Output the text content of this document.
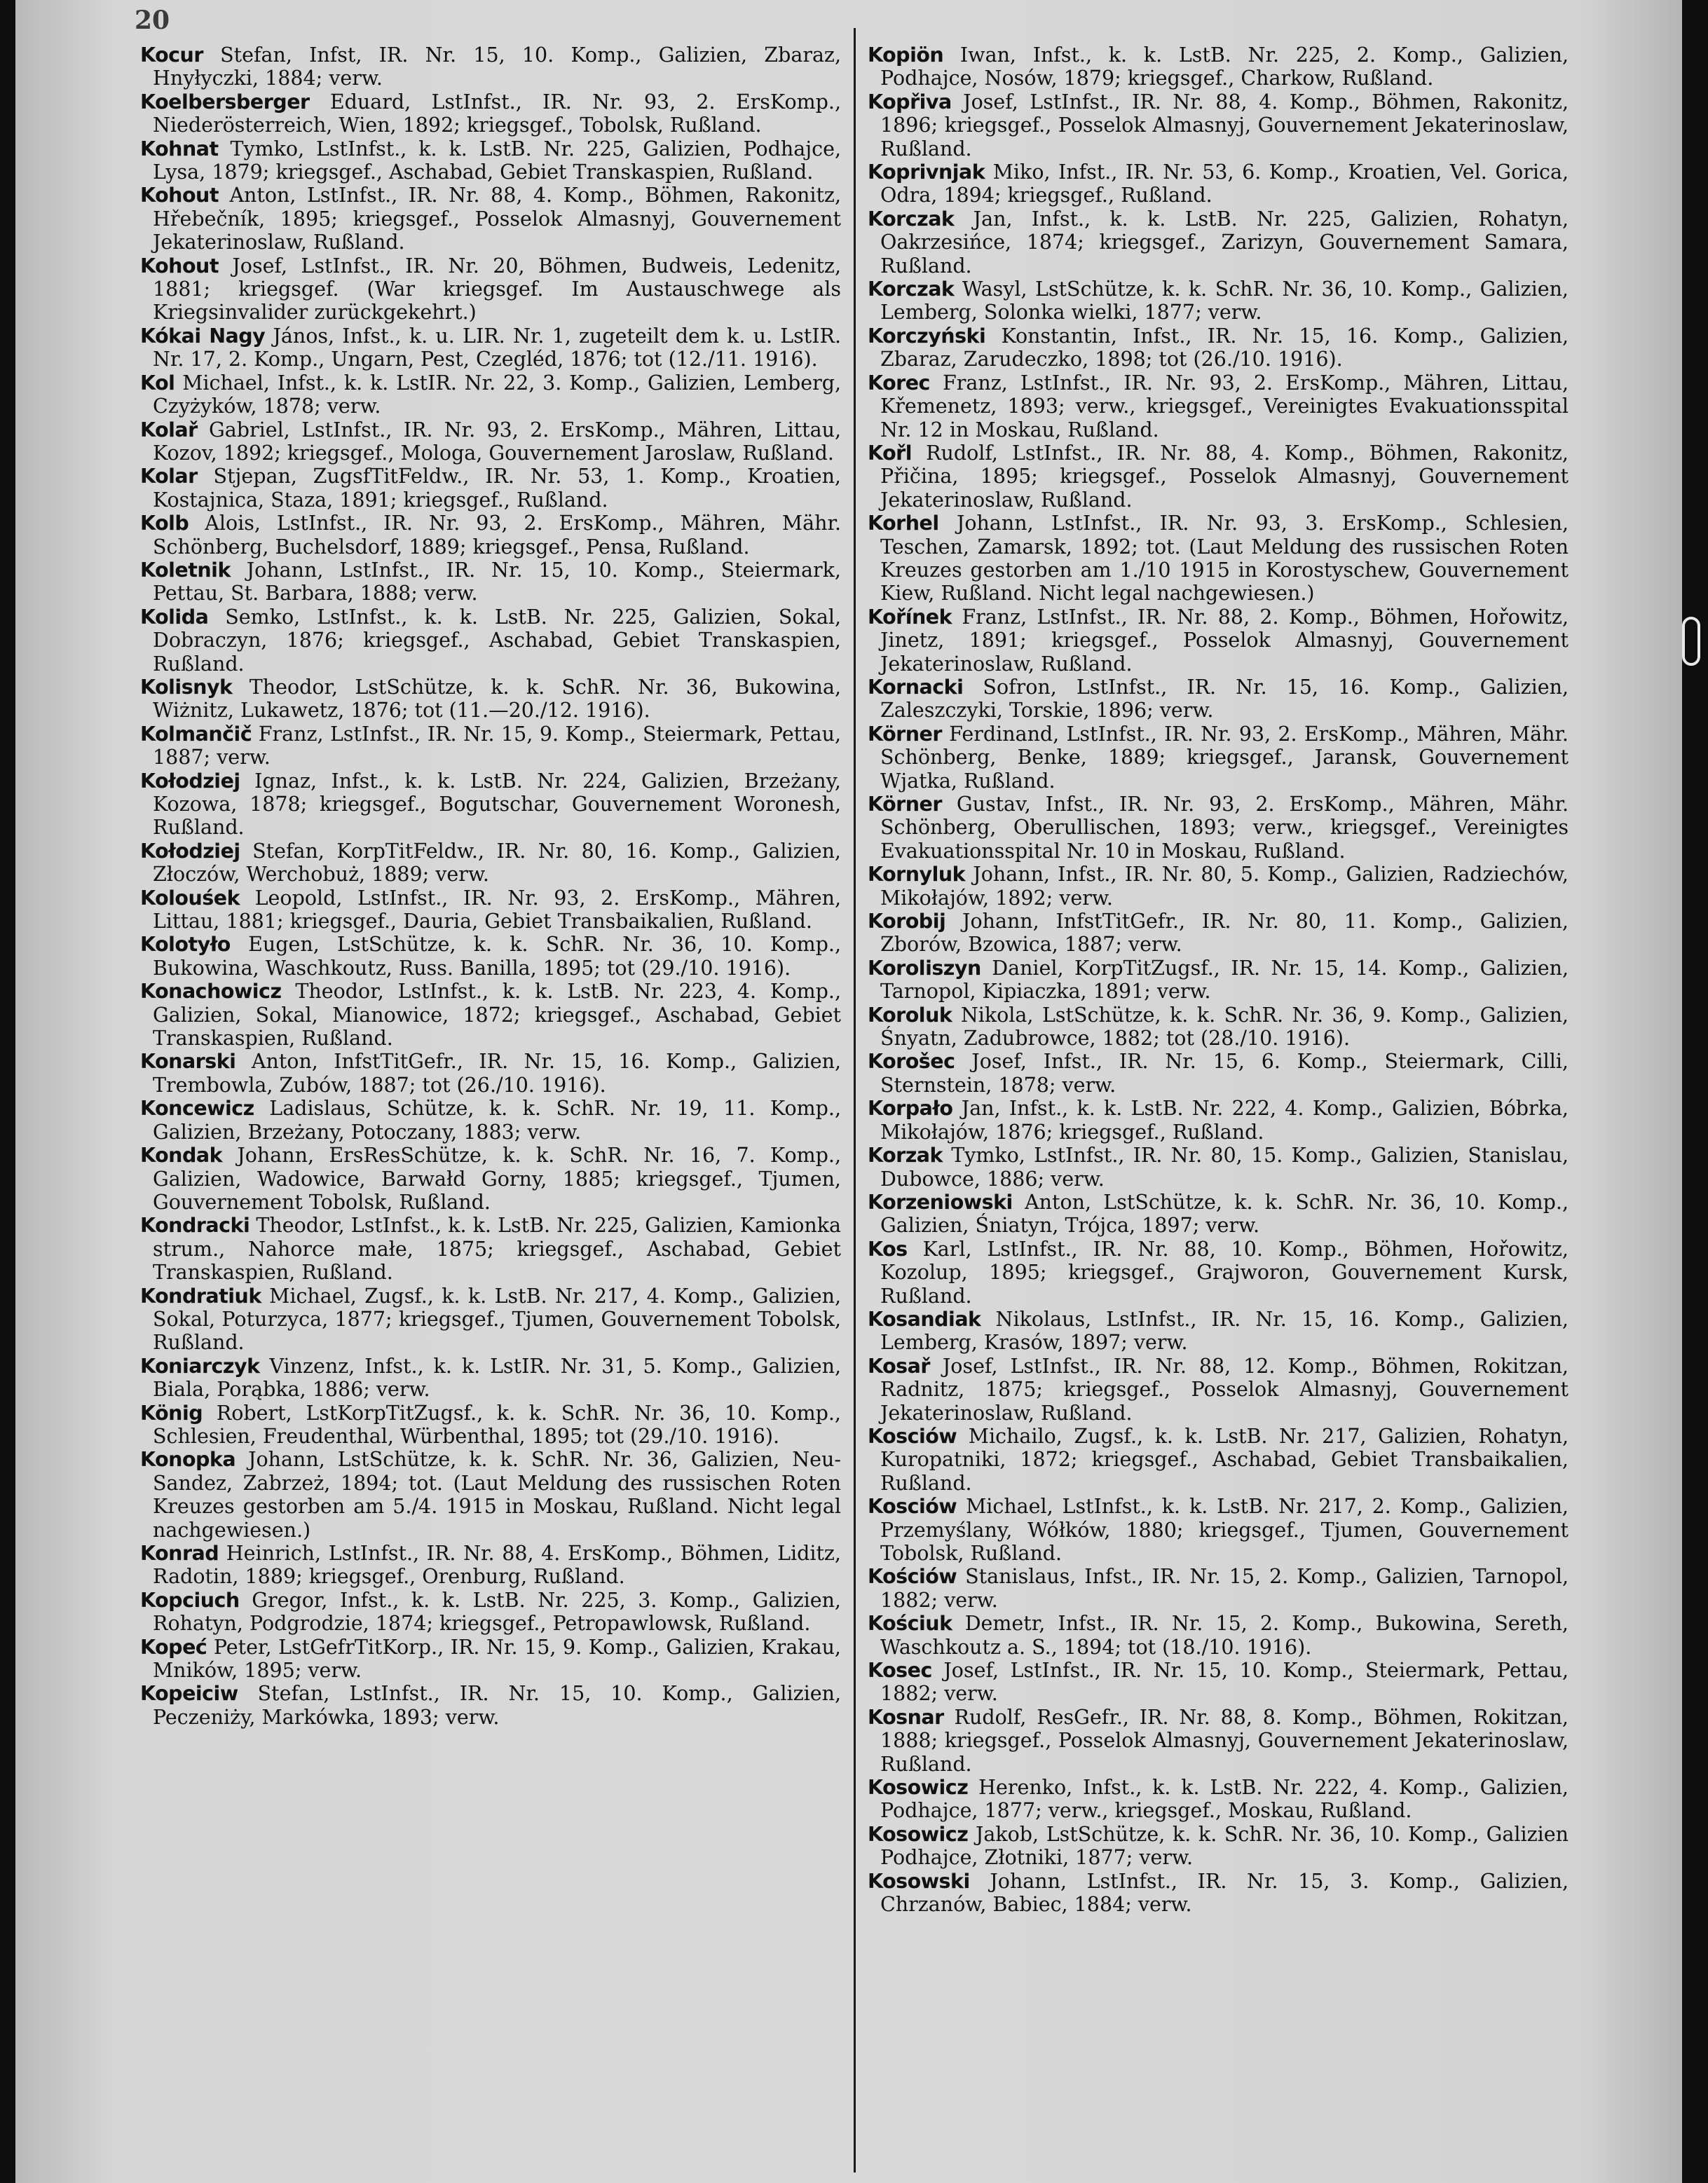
20

Kocur Stefan, Infst, IR. Nr. 15, 10. Komp., Galizien, Zbaraz, Hnyłyczki, 1884; verw.

Koelbersberger Eduard, LstInfst., IR. Nr. 93, 2. ErsKomp., Niederösterreich, Wien, 1892; kriegsgef., Tobolsk, Rußland.

Kohnat Tymko, LstInfst., k. k. LstB. Nr. 225, Galizien, Podhajce, Lysa, 1879; kriegsgef., Aschabad, Gebiet Transkaspien, Rußland.

Kohout Anton, LstInfst., IR. Nr. 88, 4. Komp., Böhmen, Rakonitz, Hřebečník, 1895; kriegsgef., Posselok Almasnyj, Gouvernement Jekaterinoslaw, Rußland.

Kohout Josef, LstInfst., IR. Nr. 20, Böhmen, Budweis, Ledenitz, 1881; kriegsgef. (War kriegsgef. Im Austauschwege als Kriegsinvalider zurückgekehrt.)

Kókai Nagy János, Infst., k. u. LIR. Nr. 1, zugeteilt dem k. u. LstIR. Nr. 17, 2. Komp., Ungarn, Pest, Czegléd, 1876; tot (12./11. 1916).

Kol Michael, Infst., k. k. LstIR. Nr. 22, 3. Komp., Galizien, Lemberg, Czyżyków, 1878; verw.

Kolař Gabriel, LstInfst., IR. Nr. 93, 2. ErsKomp., Mähren, Littau, Kozov, 1892; kriegsgef., Mologa, Gouvernement Jaroslaw, Rußland.

Kolar Stjepan, ZugsfTitFeldw., IR. Nr. 53, 1. Komp., Kroatien, Kostajnica, Staza, 1891; kriegsgef., Rußland.

Kolb Alois, LstInfst., IR. Nr. 93, 2. ErsKomp., Mähren, Mähr. Schönberg, Buchelsdorf, 1889; kriegsgef., Pensa, Rußland.

Koletnik Johann, LstInfst., IR. Nr. 15, 10. Komp., Steiermark, Pettau, St. Barbara, 1888; verw.

Kolida Semko, LstInfst., k. k. LstB. Nr. 225, Galizien, Sokal, Dobraczyn, 1876; kriegsgef., Aschabad, Gebiet Transkaspien, Rußland.

Kolisnyk Theodor, LstSchütze, k. k. SchR. Nr. 36, Bukowina, Wiżnitz, Lukawetz, 1876; tot (11.—20./12. 1916).

Kolmančič Franz, LstInfst., IR. Nr. 15, 9. Komp., Steiermark, Pettau, 1887; verw.

Kołodziej Ignaz, Infst., k. k. LstB. Nr. 224, Galizien, Brzeżany, Kozowa, 1878; kriegsgef., Bogutschar, Gouvernement Woronesh, Rußland.

Kołodziej Stefan, KorpTitFeldw., IR. Nr. 80, 16. Komp., Galizien, Złoczów, Werchobuż, 1889; verw.

Kolouśek Leopold, LstInfst., IR. Nr. 93, 2. ErsKomp., Mähren, Littau, 1881; kriegsgef., Dauria, Gebiet Transbaikalien, Rußland.

Kolotyło Eugen, LstSchütze, k. k. SchR. Nr. 36, 10. Komp., Bukowina, Waschkoutz, Russ. Banilla, 1895; tot (29./10. 1916).

Konachowicz Theodor, LstInfst., k. k. LstB. Nr. 223, 4. Komp., Galizien, Sokal, Mianowice, 1872; kriegsgef., Aschabad, Gebiet Transkaspien, Rußland.

Konarski Anton, InfstTitGefr., IR. Nr. 15, 16. Komp., Galizien, Trembowla, Zubów, 1887; tot (26./10. 1916).

Koncewicz Ladislaus, Schütze, k. k. SchR. Nr. 19, 11. Komp., Galizien, Brzeżany, Potoczany, 1883; verw.

Kondak Johann, ErsResSchütze, k. k. SchR. Nr. 16, 7. Komp., Galizien, Wadowice, Barwałd Gorny, 1885; kriegsgef., Tjumen, Gouvernement Tobolsk, Rußland.

Kondracki Theodor, LstInfst., k. k. LstB. Nr. 225, Galizien, Kamionka strum., Nahorce małe, 1875; kriegsgef., Aschabad, Gebiet Transkaspien, Rußland.

Kondratiuk Michael, Zugsf., k. k. LstB. Nr. 217, 4. Komp., Galizien, Sokal, Poturzyca, 1877; kriegsgef., Tjumen, Gouvernement Tobolsk, Rußland.

Koniarczyk Vinzenz, Infst., k. k. LstIR. Nr. 31, 5. Komp., Galizien, Biala, Porąbka, 1886; verw.

König Robert, LstKorpTitZugsf., k. k. SchR. Nr. 36, 10. Komp., Schlesien, Freudenthal, Würbenthal, 1895; tot (29./10. 1916).

Konopka Johann, LstSchütze, k. k. SchR. Nr. 36, Galizien, Neu-Sandez, Zabrzeż, 1894; tot. (Laut Meldung des russischen Roten Kreuzes gestorben am 5./4. 1915 in Moskau, Rußland. Nicht legal nachgewiesen.)

Konrad Heinrich, LstInfst., IR. Nr. 88, 4. ErsKomp., Böhmen, Liditz, Radotin, 1889; kriegsgef., Orenburg, Rußland.

Kopciuch Gregor, Infst., k. k. LstB. Nr. 225, 3. Komp., Galizien, Rohatyn, Podgrodzie, 1874; kriegsgef., Petropawlowsk, Rußland.

Kopeć Peter, LstGefrTitKorp., IR. Nr. 15, 9. Komp., Galizien, Krakau, Mników, 1895; verw.

Kopeiciw Stefan, LstInfst., IR. Nr. 15, 10. Komp., Galizien, Peczeniży, Markówka, 1893; verw.

Kopiön Iwan, Infst., k. k. LstB. Nr. 225, 2. Komp., Galizien, Podhajce, Nosów, 1879; kriegsgef., Charkow, Rußland.

Kopřiva Josef, LstInfst., IR. Nr. 88, 4. Komp., Böhmen, Rakonitz, 1896; kriegsgef., Posselok Almasnyj, Gouvernement Jekaterinoslaw, Rußland.

Koprivnjak Miko, Infst., IR. Nr. 53, 6. Komp., Kroatien, Vel. Gorica, Odra, 1894; kriegsgef., Rußland.

Korczak Jan, Infst., k. k. LstB. Nr. 225, Galizien, Rohatyn, Oakrzesińce, 1874; kriegsgef., Zarizyn, Gouvernement Samara, Rußland.

Korczak Wasyl, LstSchütze, k. k. SchR. Nr. 36, 10. Komp., Galizien, Lemberg, Solonka wielki, 1877; verw.

Korczyński Konstantin, Infst., IR. Nr. 15, 16. Komp., Galizien, Zbaraz, Zarudeczko, 1898; tot (26./10. 1916).

Korec Franz, LstInfst., IR. Nr. 93, 2. ErsKomp., Mähren, Littau, Křemenetz, 1893; verw., kriegsgef., Vereinigtes Evakuationsspital Nr. 12 in Moskau, Rußland.

Kořl Rudolf, LstInfst., IR. Nr. 88, 4. Komp., Böhmen, Rakonitz, Přičina, 1895; kriegsgef., Posselok Almasnyj, Gouvernement Jekaterinoslaw, Rußland.

Korhel Johann, LstInfst., IR. Nr. 93, 3. ErsKomp., Schlesien, Teschen, Zamarsk, 1892; tot. (Laut Meldung des russischen Roten Kreuzes gestorben am 1./10 1915 in Korostyschew, Gouvernement Kiew, Rußland. Nicht legal nachgewiesen.)

Kořínek Franz, LstInfst., IR. Nr. 88, 2. Komp., Böhmen, Hořowitz, Jinetz, 1891; kriegsgef., Posselok Almasnyj, Gouvernement Jekaterinoslaw, Rußland.

Kornacki Sofron, LstInfst., IR. Nr. 15, 16. Komp., Galizien, Zaleszczyki, Torskie, 1896; verw.

Körner Ferdinand, LstInfst., IR. Nr. 93, 2. ErsKomp., Mähren, Mähr. Schönberg, Benke, 1889; kriegsgef., Jaransk, Gouvernement Wjatka, Rußland.

Körner Gustav, Infst., IR. Nr. 93, 2. ErsKomp., Mähren, Mähr. Schönberg, Oberullischen, 1893; verw., kriegsgef., Vereinigtes Evakuationsspital Nr. 10 in Moskau, Rußland.

Kornyluk Johann, Infst., IR. Nr. 80, 5. Komp., Galizien, Radziechów, Mikołajów, 1892; verw.

Korobij Johann, InfstTitGefr., IR. Nr. 80, 11. Komp., Galizien, Zborów, Bzowica, 1887; verw.

Koroliszyn Daniel, KorpTitZugsf., IR. Nr. 15, 14. Komp., Galizien, Tarnopol, Kipiaczka, 1891; verw.

Koroluk Nikola, LstSchütze, k. k. SchR. Nr. 36, 9. Komp., Galizien, Śnyatn, Zadubrowce, 1882; tot (28./10. 1916).

Korošec Josef, Infst., IR. Nr. 15, 6. Komp., Steiermark, Cilli, Sternstein, 1878; verw.

Korpało Jan, Infst., k. k. LstB. Nr. 222, 4. Komp., Galizien, Bóbrka, Mikołajów, 1876; kriegsgef., Rußland.

Korzak Tymko, LstInfst., IR. Nr. 80, 15. Komp., Galizien, Stanislau, Dubowce, 1886; verw.

Korzeniowski Anton, LstSchütze, k. k. SchR. Nr. 36, 10. Komp., Galizien, Śniatyn, Trójca, 1897; verw.

Kos Karl, LstInfst., IR. Nr. 88, 10. Komp., Böhmen, Hořowitz, Kozolup, 1895; kriegsgef., Grajworon, Gouvernement Kursk, Rußland.

Kosandiak Nikolaus, LstInfst., IR. Nr. 15, 16. Komp., Galizien, Lemberg, Krasów, 1897; verw.

Kosař Josef, LstInfst., IR. Nr. 88, 12. Komp., Böhmen, Rokitzan, Radnitz, 1875; kriegsgef., Posselok Almasnyj, Gouvernement Jekaterinoslaw, Rußland.

Kosciów Michailo, Zugsf., k. k. LstB. Nr. 217, Galizien, Rohatyn, Kuropatniki, 1872; kriegsgef., Aschabad, Gebiet Transbaikalien, Rußland.

Kosciów Michael, LstInfst., k. k. LstB. Nr. 217, 2. Komp., Galizien, Przemyślany, Wółków, 1880; kriegsgef., Tjumen, Gouvernement Tobolsk, Rußland.

Kościów Stanislaus, Infst., IR. Nr. 15, 2. Komp., Galizien, Tarnopol, 1882; verw.

Kościuk Demetr, Infst., IR. Nr. 15, 2. Komp., Bukowina, Sereth, Waschkoutz a. S., 1894; tot (18./10. 1916).

Kosec Josef, LstInfst., IR. Nr. 15, 10. Komp., Steiermark, Pettau, 1882; verw.

Kosnar Rudolf, ResGefr., IR. Nr. 88, 8. Komp., Böhmen, Rokitzan, 1888; kriegsgef., Posselok Almasnyj, Gouvernement Jekaterinoslaw, Rußland.

Kosowicz Herenko, Infst., k. k. LstB. Nr. 222, 4. Komp., Galizien, Podhajce, 1877; verw., kriegsgef., Moskau, Rußland.

Kosowicz Jakob, LstSchütze, k. k. SchR. Nr. 36, 10. Komp., Galizien Podhajce, Złotniki, 1877; verw.

Kosowski Johann, LstInfst., IR. Nr. 15, 3. Komp., Galizien, Chrzanów, Babiec, 1884; verw.
